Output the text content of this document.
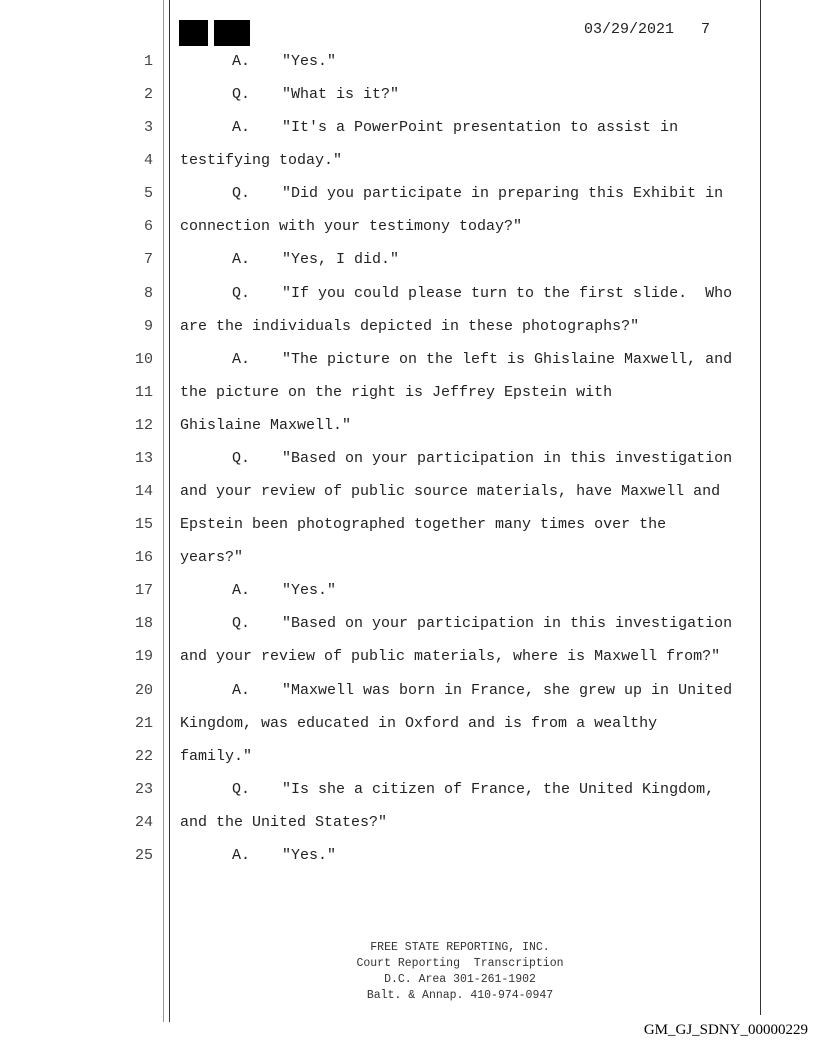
03/29/2021 7
1	A. "Yes."
2	Q. "What is it?"
3	A. "It's a PowerPoint presentation to assist in
4 testifying today."
5	Q. "Did you participate in preparing this Exhibit in
6 connection with your testimony today?"
7	A. "Yes, I did."
8	Q. "If you could please turn to the first slide.  Who
9 are the individuals depicted in these photographs?"
10	A. "The picture on the left is Ghislaine Maxwell, and
11 the picture on the right is Jeffrey Epstein with
12 Ghislaine Maxwell."
13	Q. "Based on your participation in this investigation
14 and your review of public source materials, have Maxwell and
15 Epstein been photographed together many times over the
16 years?"
17	A. "Yes."
18	Q. "Based on your participation in this investigation
19 and your review of public materials, where is Maxwell from?"
20	A. "Maxwell was born in France, she grew up in United
21 Kingdom, was educated in Oxford and is from a wealthy
22 family."
23	Q. "Is she a citizen of France, the United Kingdom,
24 and the United States?"
25	A. "Yes."
FREE STATE REPORTING, INC.
Court Reporting  Transcription
D.C. Area 301-261-1902
Balt. & Annap. 410-974-0947
GM_GJ_SDNY_00000229
